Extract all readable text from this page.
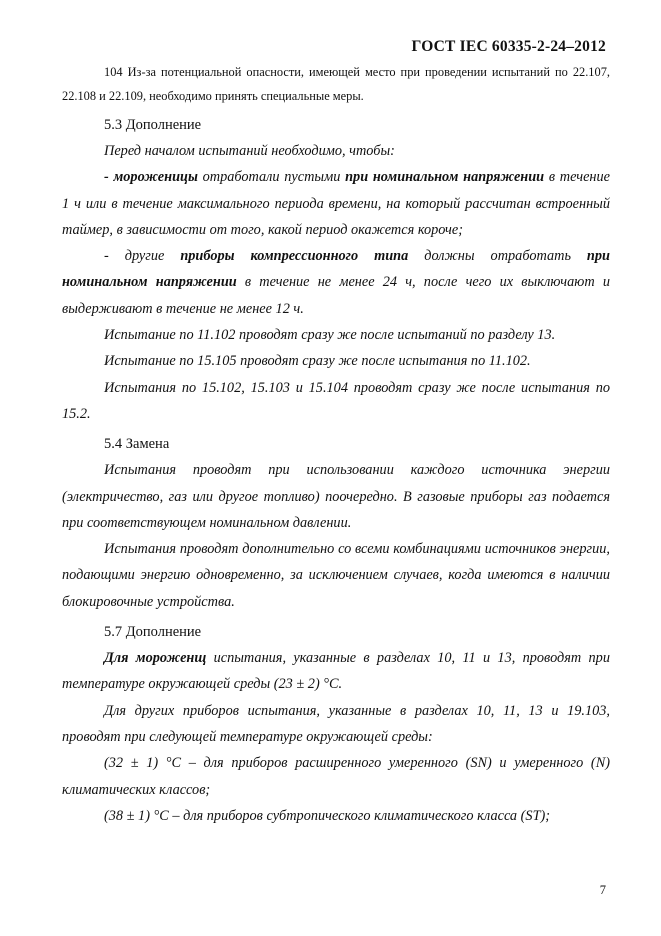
ГОСТ IEC 60335-2-24–2012

104 Из-за потенциальной опасности, имеющей место при проведении испытаний по 22.107, 22.108 и 22.109, необходимо принять специальные меры.

5.3 Дополнение

Перед началом испытаний необходимо, чтобы:

- мороженицы отработали пустыми при номинальном напряжении в течение 1 ч или в течение максимального периода времени, на который рассчитан встроенный таймер, в зависимости от того, какой период окажется короче;

- другие приборы компрессионного типа должны отработать при номинальном напряжении в течение не менее 24 ч, после чего их выключают и выдерживают в течение не менее 12 ч.

Испытание по 11.102 проводят сразу же после испытаний по разделу 13.

Испытание по 15.105 проводят сразу же после испытания по 11.102.

Испытания по 15.102, 15.103 и 15.104 проводят сразу же после испытания по 15.2.

5.4 Замена

Испытания проводят при использовании каждого источника энергии (электричество, газ или другое топливо) поочередно. В газовые приборы газ подается при соответствующем номинальном давлении.

Испытания проводят дополнительно со всеми комбинациями источников энергии, подающими энергию одновременно, за исключением случаев, когда имеются в наличии блокировочные устройства.

5.7 Дополнение

Для мороженщ испытания, указанные в разделах 10, 11 и 13, проводят при температуре окружающей среды (23 ± 2) °С.

Для других приборов испытания, указанные в разделах 10, 11, 13 и 19.103, проводят при следующей температуре окружающей среды:

(32 ± 1) °С – для приборов расширенного умеренного (SN) и умеренного (N) климатических классов;

(38 ± 1) °С – для приборов субтропического климатического класса (ST);

7
